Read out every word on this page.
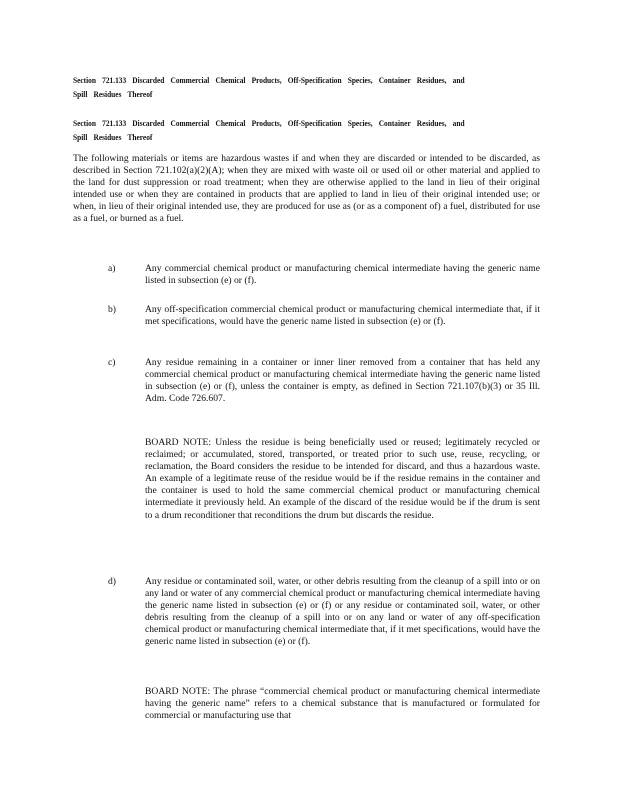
Section 721.133 Discarded Commercial Chemical Products, Off-Specification Species, Container Residues, and Spill Residues Thereof
Section 721.133 Discarded Commercial Chemical Products, Off-Specification Species, Container Residues, and Spill Residues Thereof
The following materials or items are hazardous wastes if and when they are discarded or intended to be discarded, as described in Section 721.102(a)(2)(A); when they are mixed with waste oil or used oil or other material and applied to the land for dust suppression or road treatment; when they are otherwise applied to the land in lieu of their original intended use or when they are contained in products that are applied to land in lieu of their original intended use; or when, in lieu of their original intended use, they are produced for use as (or as a component of) a fuel, distributed for use as a fuel, or burned as a fuel.
a)	Any commercial chemical product or manufacturing chemical intermediate having the generic name listed in subsection (e) or (f).
b)	Any off-specification commercial chemical product or manufacturing chemical intermediate that, if it met specifications, would have the generic name listed in subsection (e) or (f).
c)	Any residue remaining in a container or inner liner removed from a container that has held any commercial chemical product or manufacturing chemical intermediate having the generic name listed in subsection (e) or (f), unless the container is empty, as defined in Section 721.107(b)(3) or 35 Ill. Adm. Code 726.607.
BOARD NOTE: Unless the residue is being beneficially used or reused; legitimately recycled or reclaimed; or accumulated, stored, transported, or treated prior to such use, reuse, recycling, or reclamation, the Board considers the residue to be intended for discard, and thus a hazardous waste. An example of a legitimate reuse of the residue would be if the residue remains in the container and the container is used to hold the same commercial chemical product or manufacturing chemical intermediate it previously held. An example of the discard of the residue would be if the drum is sent to a drum reconditioner that reconditions the drum but discards the residue.
d)	Any residue or contaminated soil, water, or other debris resulting from the cleanup of a spill into or on any land or water of any commercial chemical product or manufacturing chemical intermediate having the generic name listed in subsection (e) or (f) or any residue or contaminated soil, water, or other debris resulting from the cleanup of a spill into or on any land or water of any off-specification chemical product or manufacturing chemical intermediate that, if it met specifications, would have the generic name listed in subsection (e) or (f).
BOARD NOTE: The phrase “commercial chemical product or manufacturing chemical intermediate having the generic name” refers to a chemical substance that is manufactured or formulated for commercial or manufacturing use that
